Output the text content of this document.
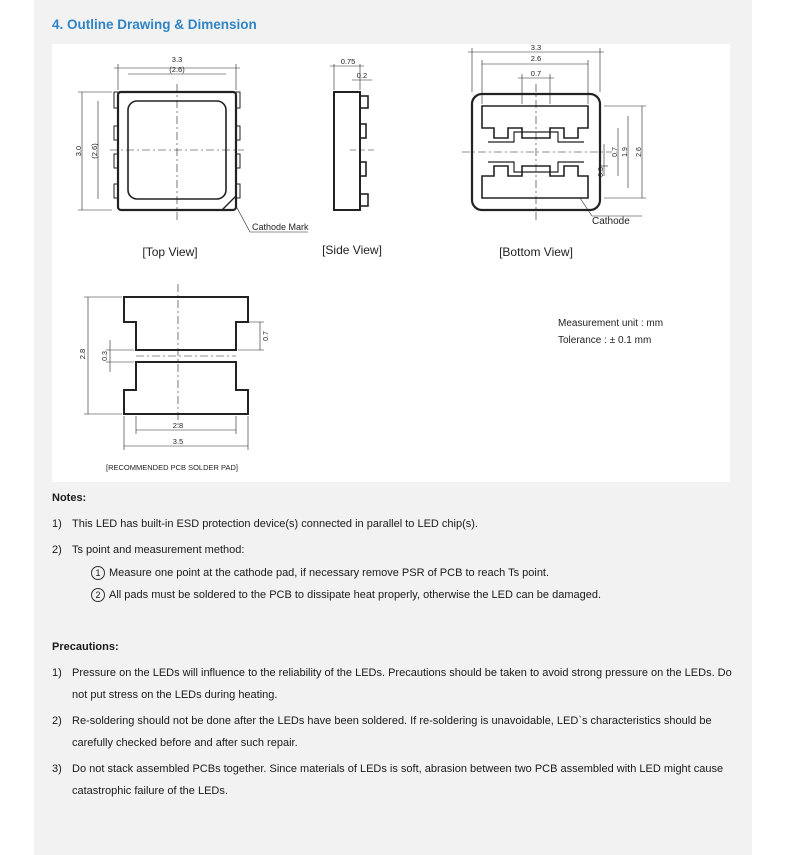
4. Outline Drawing & Dimension
3.3
(2.6)
3.0 (2.6)
Cathode Mark
0.75
0.2
3.3
2.6
0.7
0.3
0.7 1.9 2.6
Cathode
[Top View]	[Side View]	[Bottom View]
2.8 0.3
0.7
2.8
3.5
[RECOMMENDED PCB SOLDER PAD]
Measurement unit : mm
Tolerance : ± 0.1 mm
Notes:
1) This LED has built-in ESD protection device(s) connected in parallel to LED chip(s).
2) Ts point and measurement method:
1 Measure one point at the cathode pad, if necessary remove PSR of PCB to reach Ts point.
2 All pads must be soldered to the PCB to dissipate heat properly, otherwise the LED can be damaged.
Precautions:
1) Pressure on the LEDs will influence to the reliability of the LEDs. Precautions should be taken to avoid strong pressure on the LEDs. Do
not put stress on the LEDs during heating.
2) Re-soldering should not be done after the LEDs have been soldered. If re-soldering is unavoidable, LED`s characteristics should be
carefully checked before and after such repair.
3) Do not stack assembled PCBs together. Since materials of LEDs is soft, abrasion between two PCB assembled with LED might cause
catastrophic failure of the LEDs.
